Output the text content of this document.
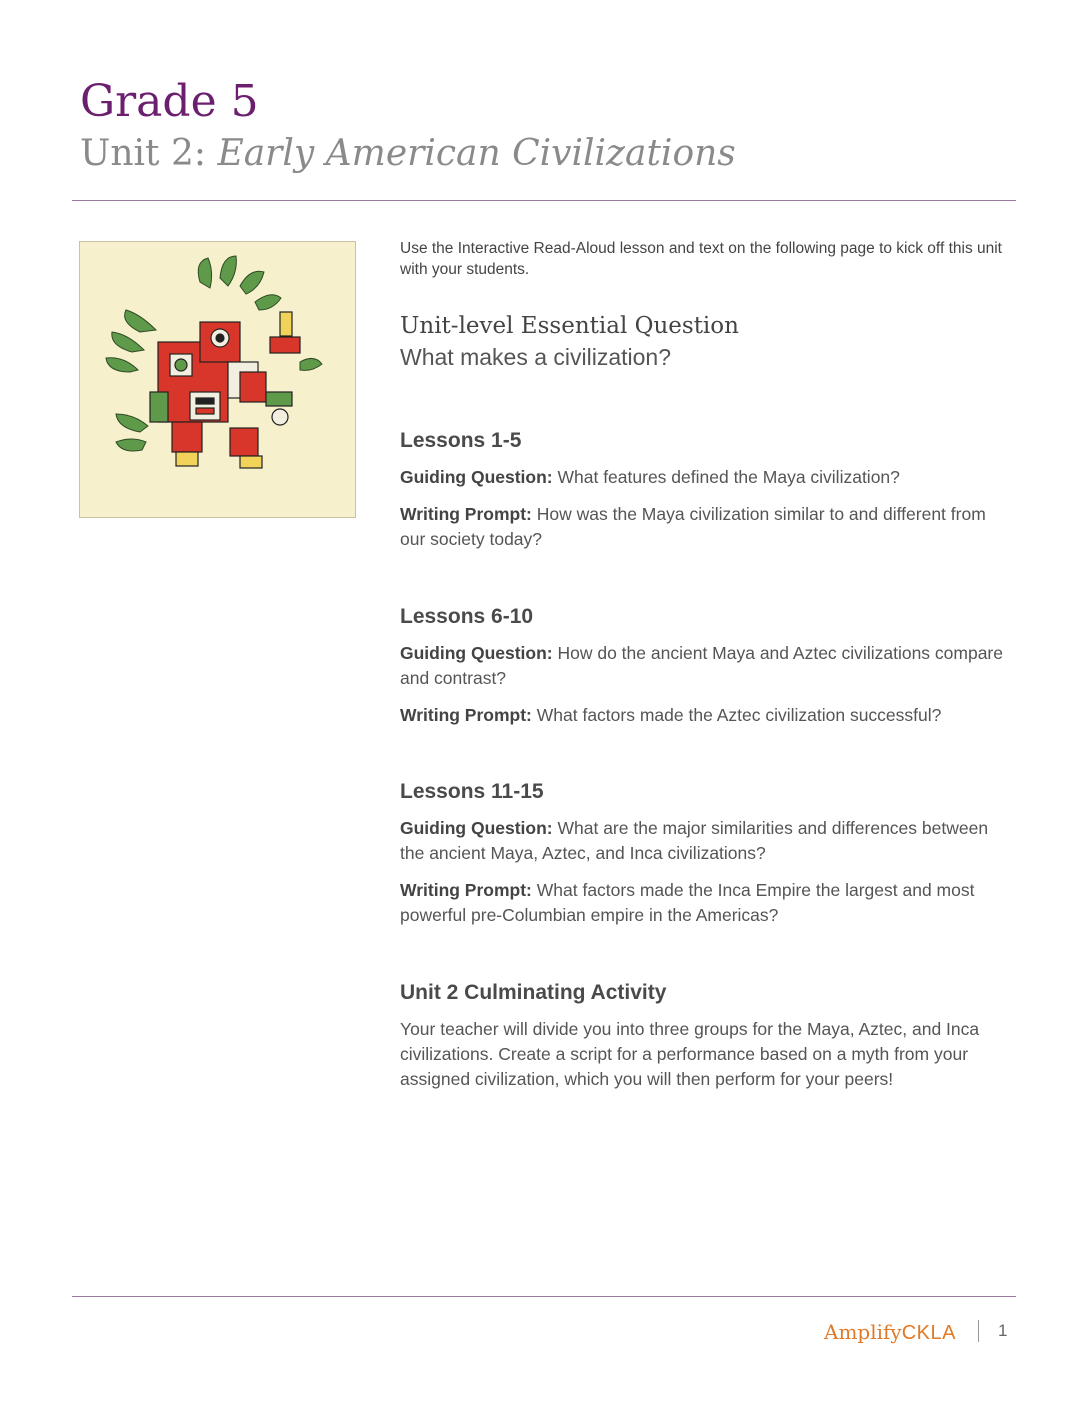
Grade 5
Unit 2: Early American Civilizations

Use the Interactive Read-Aloud lesson and text on the following page to kick off this unit with your students.

Unit-level Essential Question

What makes a civilization?

Lessons 1-5

Guiding Question: What features defined the Maya civilization?

Writing Prompt: How was the Maya civilization similar to and different from our society today?

Lessons 6-10

Guiding Question: How do the ancient Maya and Aztec civilizations compare and contrast?

Writing Prompt: What factors made the Aztec civilization successful?

Lessons 11-15

Guiding Question: What are the major similarities and differences between the ancient Maya, Aztec, and Inca civilizations?

Writing Prompt: What factors made the Inca Empire the largest and most powerful pre-Columbian empire in the Americas?

Unit 2 Culminating Activity

Your teacher will divide you into three groups for the Maya, Aztec, and Inca civilizations. Create a script for a performance based on a myth from your assigned civilization, which you will then perform for your peers!

AmplifyCKLA 1
